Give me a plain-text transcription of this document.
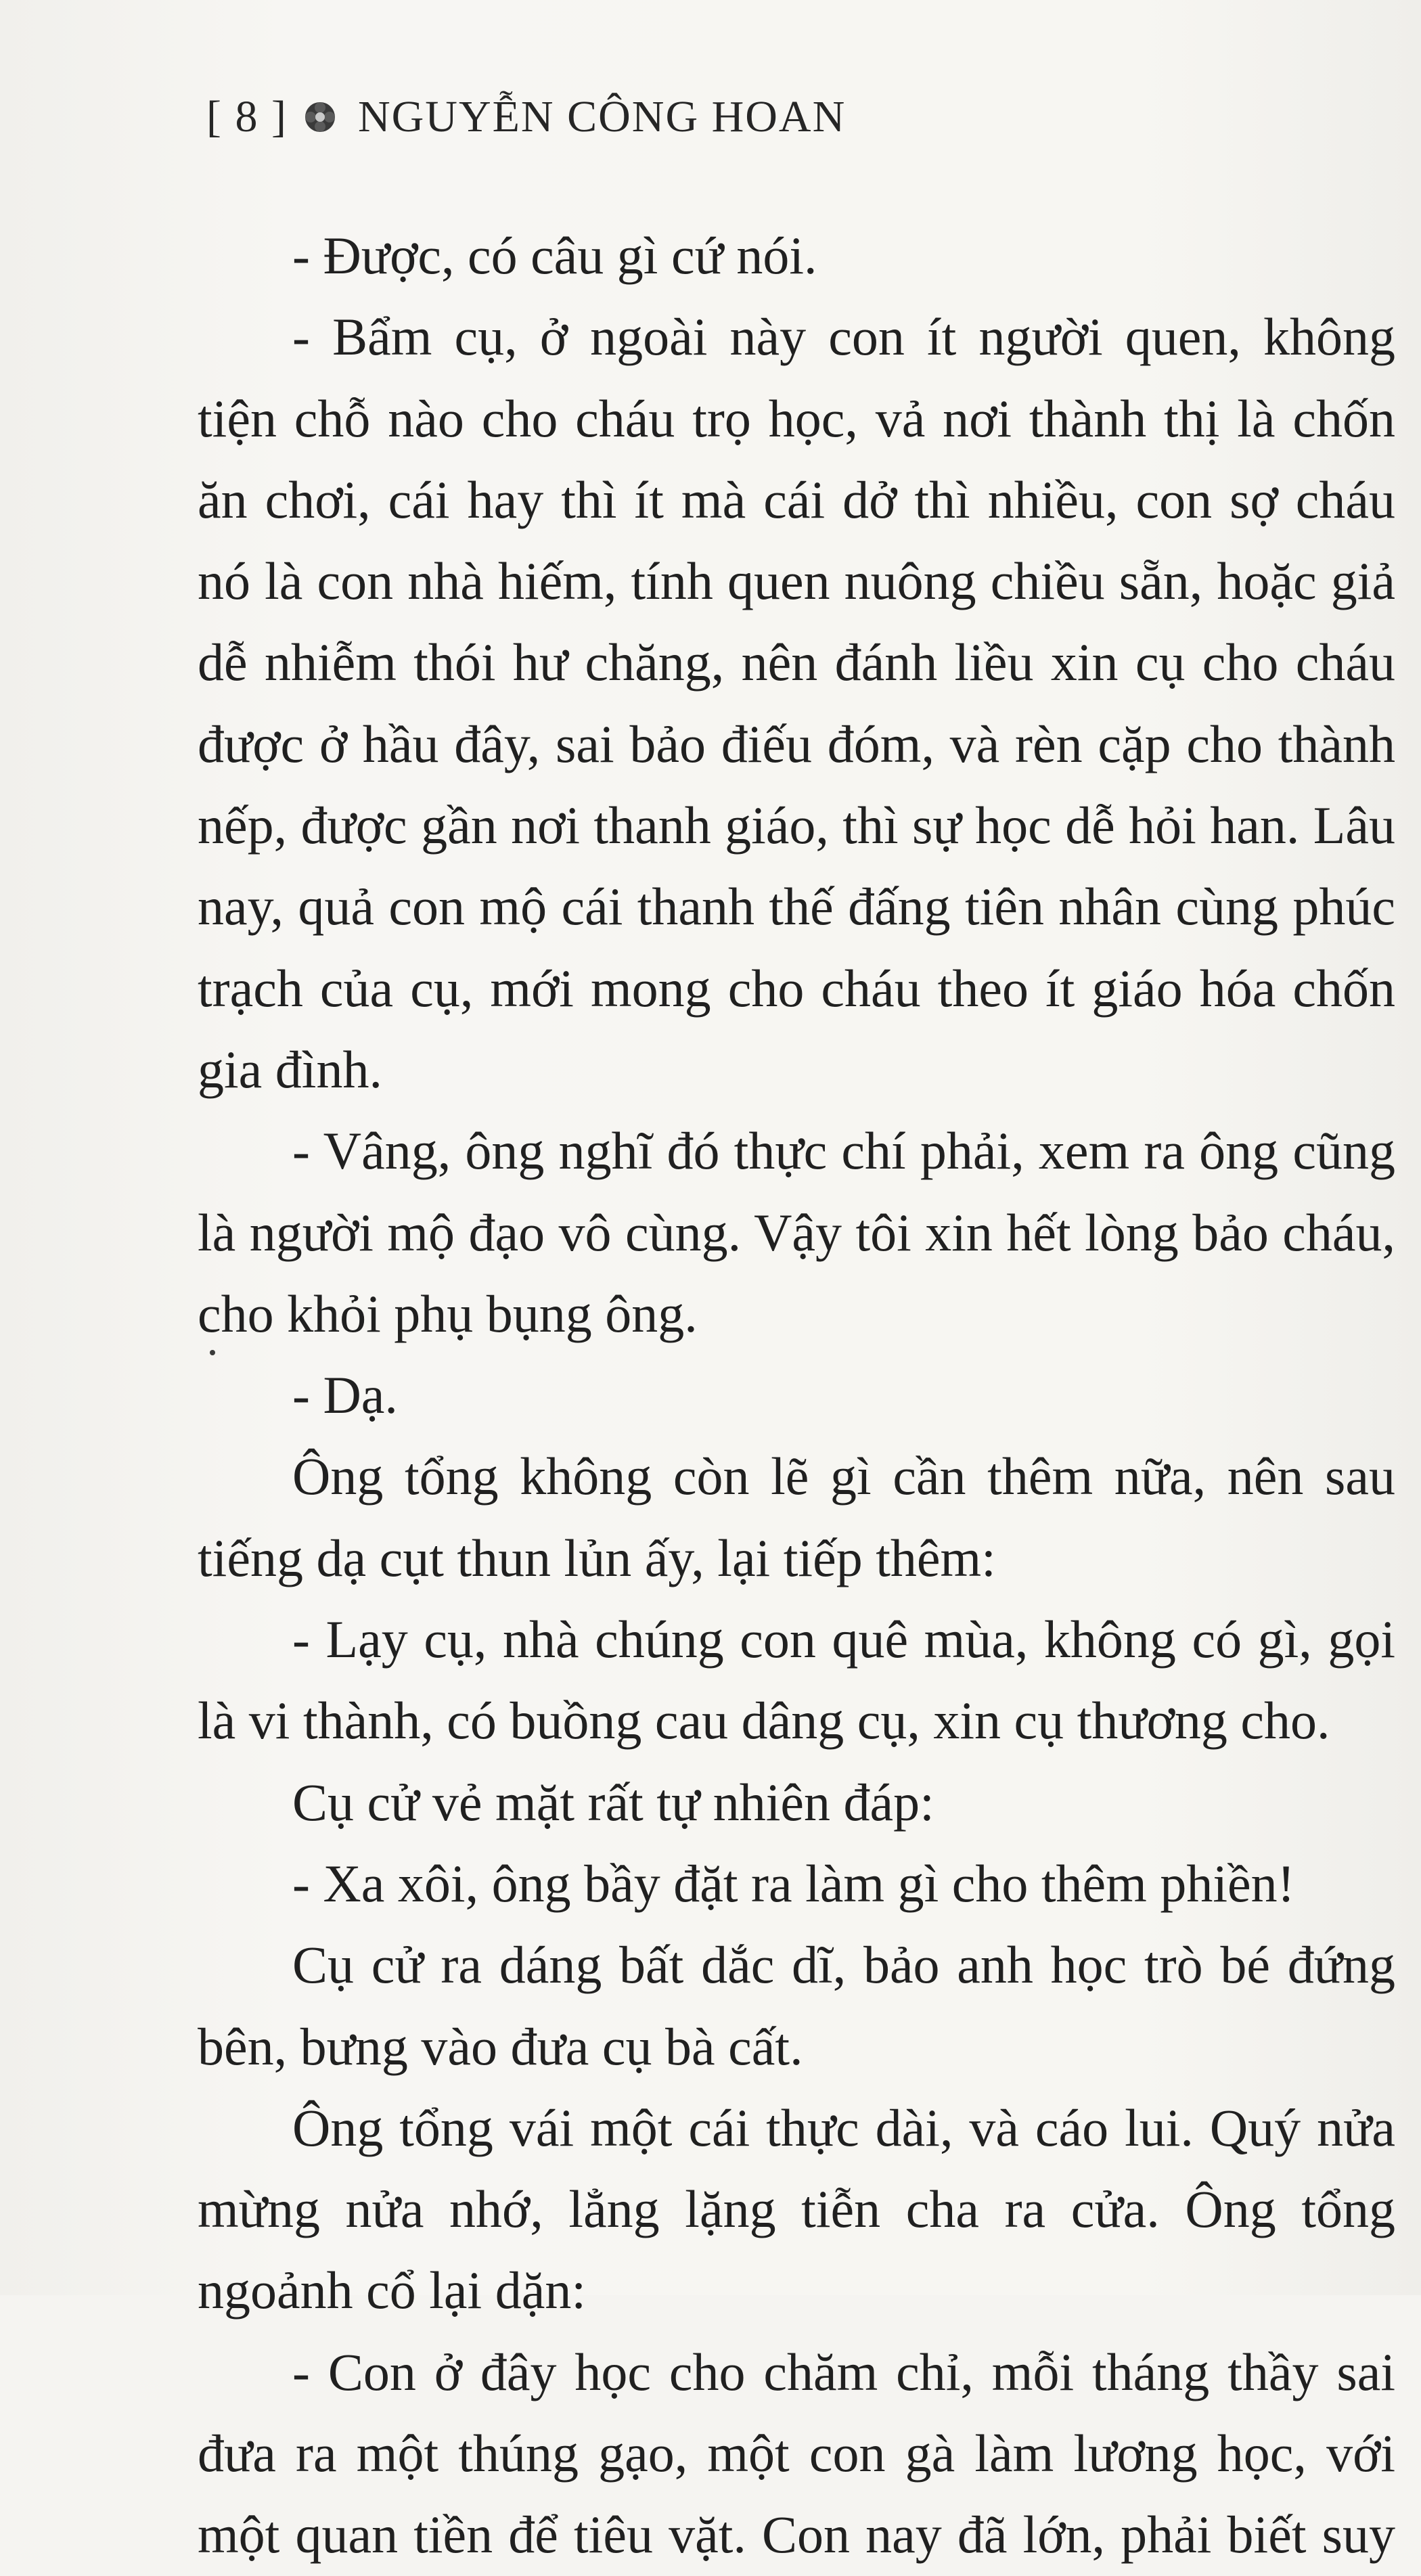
[ 8 ] NGUYỄN CÔNG HOAN

- Được, có câu gì cứ nói.

- Bẩm cụ, ở ngoài này con ít người quen, không tiện chỗ nào cho cháu trọ học, vả nơi thành thị là chốn ăn chơi, cái hay thì ít mà cái dở thì nhiều, con sợ cháu nó là con nhà hiếm, tính quen nuông chiều sẵn, hoặc giả dễ nhiễm thói hư chăng, nên đánh liều xin cụ cho cháu được ở hầu đây, sai bảo điếu đóm, và rèn cặp cho thành nếp, được gần nơi thanh giáo, thì sự học dễ hỏi han. Lâu nay, quả con mộ cái thanh thế đấng tiên nhân cùng phúc trạch của cụ, mới mong cho cháu theo ít giáo hóa chốn gia đình.

- Vâng, ông nghĩ đó thực chí phải, xem ra ông cũng là người mộ đạo vô cùng. Vậy tôi xin hết lòng bảo cháu, cho khỏi phụ bụng ông.

- Dạ.

Ông tổng không còn lẽ gì cần thêm nữa, nên sau tiếng dạ cụt thun lủn ấy, lại tiếp thêm:

- Lạy cụ, nhà chúng con quê mùa, không có gì, gọi là vi thành, có buồng cau dâng cụ, xin cụ thương cho.

Cụ cử vẻ mặt rất tự nhiên đáp:

- Xa xôi, ông bầy đặt ra làm gì cho thêm phiền!

Cụ cử ra dáng bất dắc dĩ, bảo anh học trò bé đứng bên, bưng vào đưa cụ bà cất.

Ông tổng vái một cái thực dài, và cáo lui. Quý nửa mừng nửa nhớ, lẳng lặng tiễn cha ra cửa. Ông tổng ngoảnh cổ lại dặn:

- Con ở đây học cho chăm chỉ, mỗi tháng thầy sai đưa ra một thúng gạo, một con gà làm lương học, với một quan tiền để tiêu vặt. Con nay đã lớn, phải biết suy
